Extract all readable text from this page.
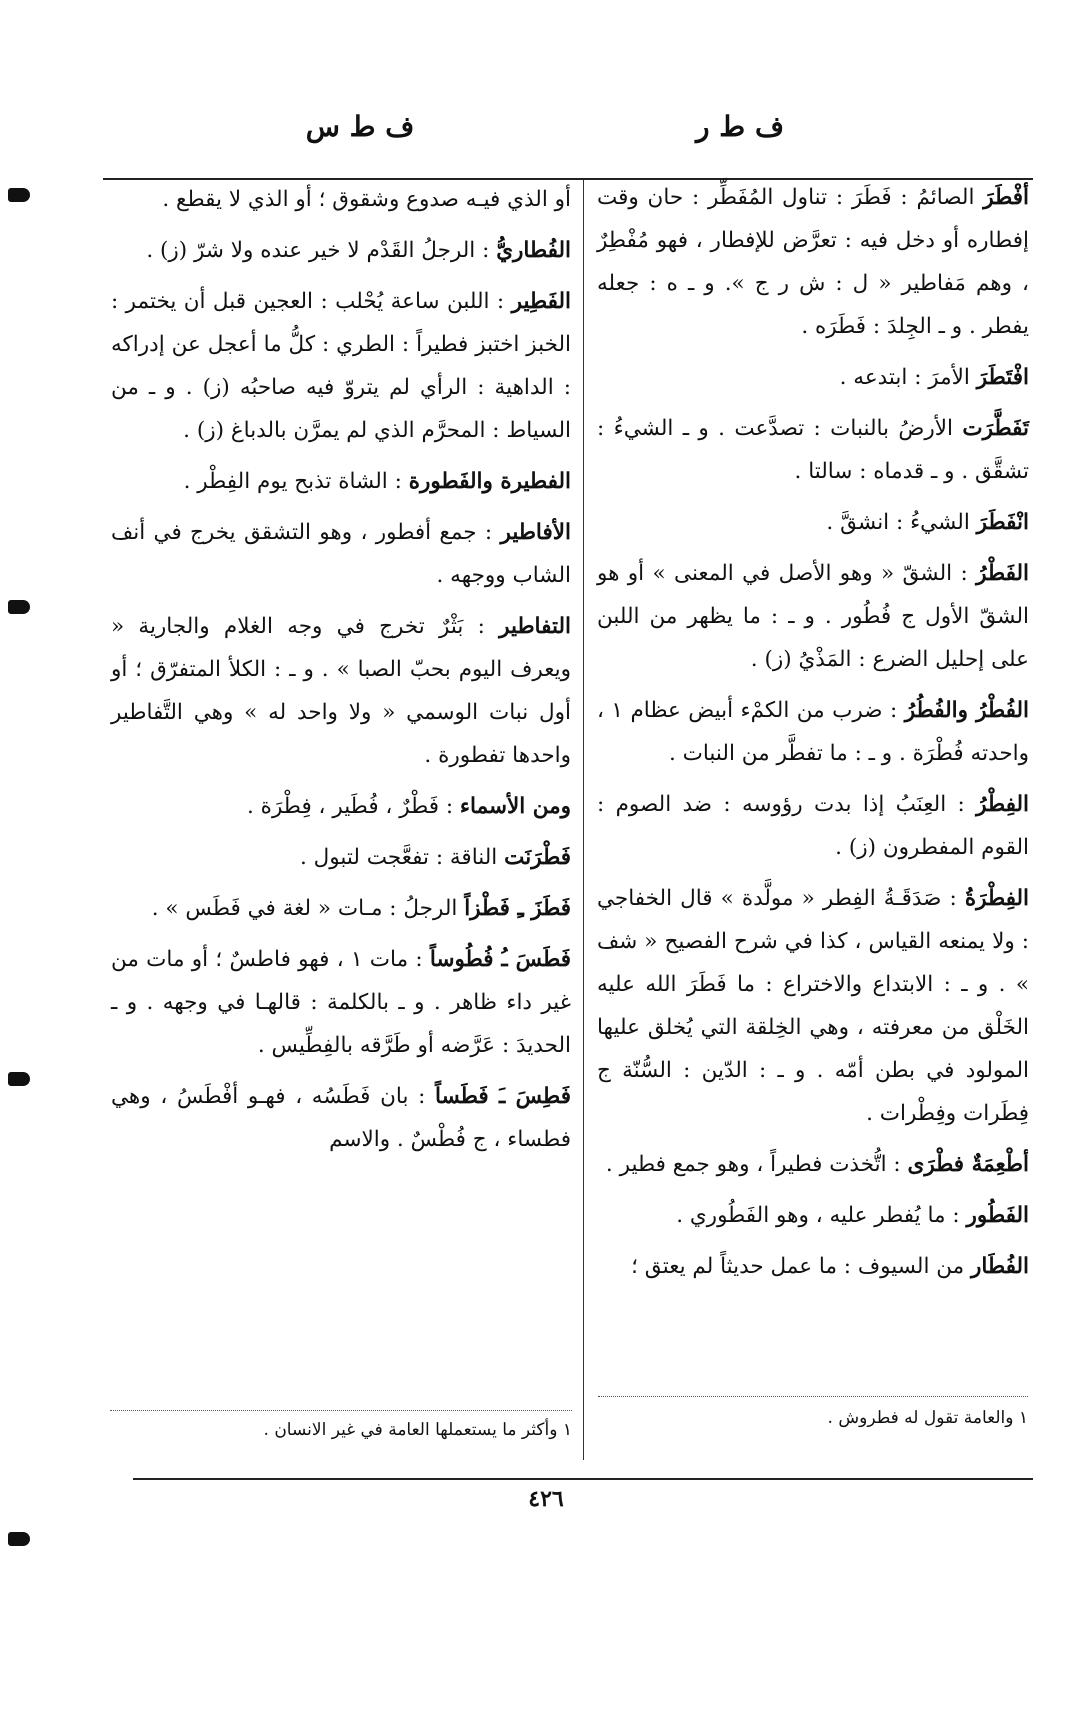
ف ط ر
ف ط س

أفْطَرَ الصائمُ : فَطَرَ : تناول المُفَطِّر : حان وقت إفطاره أو دخل فيه : تعرَّض للإفطار ، فهو مُفْطِرٌ ، وهم مَفاطير « ل : ش ر ج ». و ـ ه : جعله يفطر . و ـ الجِلدَ : فَطَرَه .

افْتَطَرَ الأمرَ : ابتدعه .

تَفَطَّرَت الأرضُ بالنبات : تصدَّعت . و ـ الشيءُ : تشقَّق . و ـ قدماه : سالتا .

انْفَطَرَ الشيءُ : انشقَّ .

الفَطْرُ : الشقّ « وهو الأصل في المعنى » أو هو الشقّ الأول ج فُطُور . و ـ : ما يظهر من اللبن على إحليل الضرع : المَذْيُ (ز) .

الفُطْرُ والفُطُرُ : ضرب من الكمْء أبيض عظام ١ ، واحدته فُطْرَة . و ـ : ما تفطَّر من النبات .

الفِطْرُ : العِنَبُ إذا بدت رؤوسه : ضد الصوم : القوم المفطرون (ز) .

الفِطْرَةُ : صَدَقَـةُ الفِطر « مولَّدة » قال الخفاجي : ولا يمنعه القياس ، كذا في شرح الفصيح « شف » . و ـ : الابتداع والاختراع : ما فَطَرَ الله عليه الخَلْق من معرفته ، وهي الخِلقة التي يُخلق عليها المولود في بطن أمّه . و ـ : الدّين : السُّنّة ج فِطَرات وفِطْرات .

أطْعِمَةٌ فطْرَى : اتُّخذت فطيراً ، وهو جمع فطير .

الفَطُور : ما يُفطر عليه ، وهو الفَطُوري .

الفُطَار من السيوف : ما عمل حديثاً لم يعتق ؛

أو الذي فيـه صدوع وشقوق ؛ أو الذي لا يقطع .

الفُطاريُّ : الرجلُ القَدْم لا خير عنده ولا شرّ (ز) .

الفَطِير : اللبن ساعة يُحْلب : العجين قبل أن يختمر : الخبز اختبز فطيراً : الطري : كلُّ ما أعجل عن إدراكه : الداهية : الرأي لم يتروّ فيه صاحبُه (ز) . و ـ من السياط : المحرَّم الذي لم يمرَّن بالدباغ (ز) .

الفطيرة والفَطورة : الشاة تذبح يوم الفِطْر .

الأفاطير : جمع أفطور ، وهو التشقق يخرج في أنف الشاب ووجهه .

التفاطير : بَثْرٌ تخرج في وجه الغلام والجارية « ويعرف اليوم بحبّ الصبا » . و ـ : الكلأ المتفرّق ؛ أو أول نبات الوسمي « ولا واحد له » وهي التَّفاطير واحدها تفطورة .

ومن الأسماء : فَطْرٌ ، فُطَير ، فِطْرَة .

فَطْرَنَت الناقة : تفعَّجت لتبول .

فَطَزَ ـِ فَطْزاً الرجلُ : مـات « لغة في فَطَس » .

فَطَسَ ـُ فُطُوساً : مات ١ ، فهو فاطسٌ ؛ أو مات من غير داء ظاهر . و ـ بالكلمة : قالهـا في وجهه . و ـ الحديدَ : عَرَّضه أو طَرَّقه بالفِطِّيس .

فَطِسَ ـَ فَطَساً : بان فَطَسُه ، فهـو أفْطَسُ ، وهي فطساء ، ج فُطْسٌ . والاسم

١ والعامة تقول له فطروش .
١ وأكثر ما يستعملها العامة في غير الانسان .
٤٢٦
